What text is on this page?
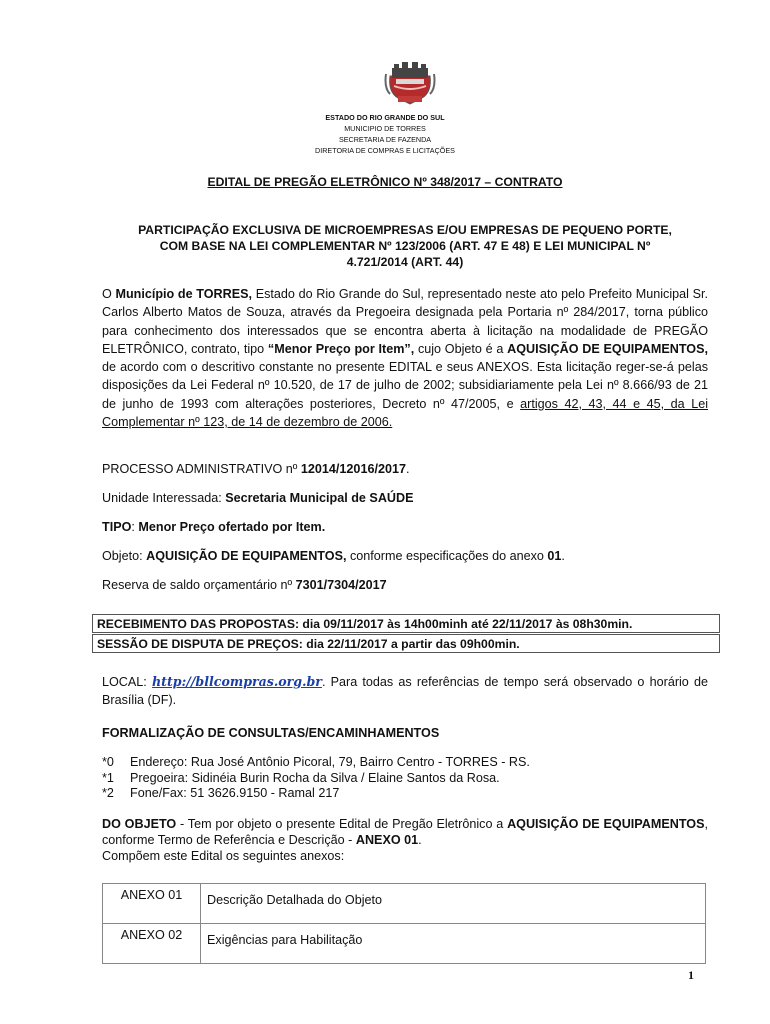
ESTADO DO RIO GRANDE DO SUL
MUNICIPIO DE TORRES
SECRETARIA DE FAZENDA
DIRETORIA DE COMPRAS E LICITAÇÕES
EDITAL DE PREGÃO ELETRÔNICO Nº 348/2017 – CONTRATO
PARTICIPAÇÃO EXCLUSIVA DE MICROEMPRESAS E/OU EMPRESAS DE PEQUENO PORTE,
COM BASE NA LEI COMPLEMENTAR Nº 123/2006 (ART. 47 E 48) E LEI MUNICIPAL Nº
4.721/2014 (ART. 44)
O Município de TORRES, Estado do Rio Grande do Sul, representado neste ato pelo Prefeito Municipal Sr. Carlos Alberto Matos de Souza, através da Pregoeira designada pela Portaria nº 284/2017, torna público para conhecimento dos interessados que se encontra aberta à licitação na modalidade de PREGÃO ELETRÔNICO, contrato, tipo “Menor Preço por Item”, cujo Objeto é a AQUISIÇÃO DE EQUIPAMENTOS, de acordo com o descritivo constante no presente EDITAL e seus ANEXOS. Esta licitação reger-se-á pelas disposições da Lei Federal nº 10.520, de 17 de julho de 2002; subsidiariamente pela Lei nº 8.666/93 de 21 de junho de 1993 com alterações posteriores, Decreto nº 47/2005, e artigos 42, 43, 44 e 45, da Lei Complementar nº 123, de 14 de dezembro de 2006.
PROCESSO ADMINISTRATIVO nº 12014/12016/2017.
Unidade Interessada: Secretaria Municipal de SAÚDE
TIPO: Menor Preço ofertado por Item.
Objeto: AQUISIÇÃO DE EQUIPAMENTOS, conforme especificações do anexo 01.
Reserva de saldo orçamentário nº 7301/7304/2017
RECEBIMENTO DAS PROPOSTAS: dia 09/11/2017 às 14h00minh até 22/11/2017 às 08h30min.
SESSÃO DE DISPUTA DE PREÇOS: dia 22/11/2017 a partir das 09h00min.
LOCAL: http://bllcompras.org.br. Para todas as referências de tempo será observado o horário de Brasília (DF).
FORMALIZAÇÃO DE CONSULTAS/ENCAMINHAMENTOS
*0	Endereço: Rua José Antônio Picoral, 79, Bairro Centro - TORRES - RS.
*1	Pregoeira: Sidinéia Burin Rocha da Silva / Elaine Santos da Rosa.
*2	Fone/Fax: 51 3626.9150 - Ramal 217
DO OBJETO - Tem por objeto o presente Edital de Pregão Eletrônico a AQUISIÇÃO DE EQUIPAMENTOS, conforme Termo de Referência e Descrição - ANEXO 01.
Compõem este Edital os seguintes anexos:
ANEXO 01	Descrição Detalhada do Objeto
ANEXO 02	Exigências para Habilitação
1
